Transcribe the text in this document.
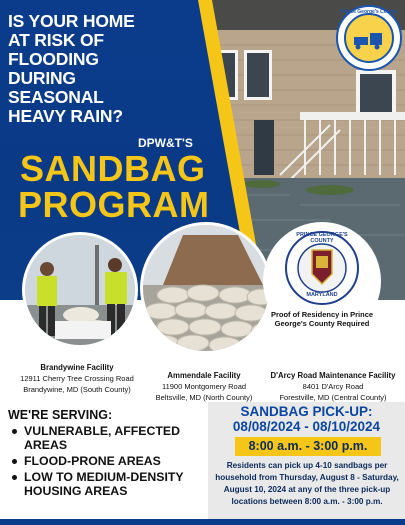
Prince George's County
IS YOUR HOME
AT RISK OF
FLOODING
DURING
SEASONAL
HEAVY RAIN?
DPW&T'S
SANDBAG
PROGRAM
PRINCE GEORGE'S COUNTY
MARYLAND
Proof of Residency in Prince George's County Required
Brandywine Facility
12911 Cherry Tree Crossing Road
Brandywine, MD (South County)
Ammendale Facility
11900 Montgomery Road
Beltsville, MD (North County)
D'Arcy Road Maintenance Facility
8401 D'Arcy Road
Forestville, MD (Central County)
WE'RE SERVING:
VULNERABLE, AFFECTED
AREAS
FLOOD-PRONE AREAS
LOW TO MEDIUM-DENSITY
HOUSING AREAS
SANDBAG PICK-UP:
08/08/2024 - 08/10/2024
8:00 a.m. - 3:00 p.m.
Residents can pick up 4-10 sandbags per household from Thursday, August 8 - Saturday, August 10, 2024 at any of the three pick-up locations between 8:00 a.m. - 3:00 p.m.
